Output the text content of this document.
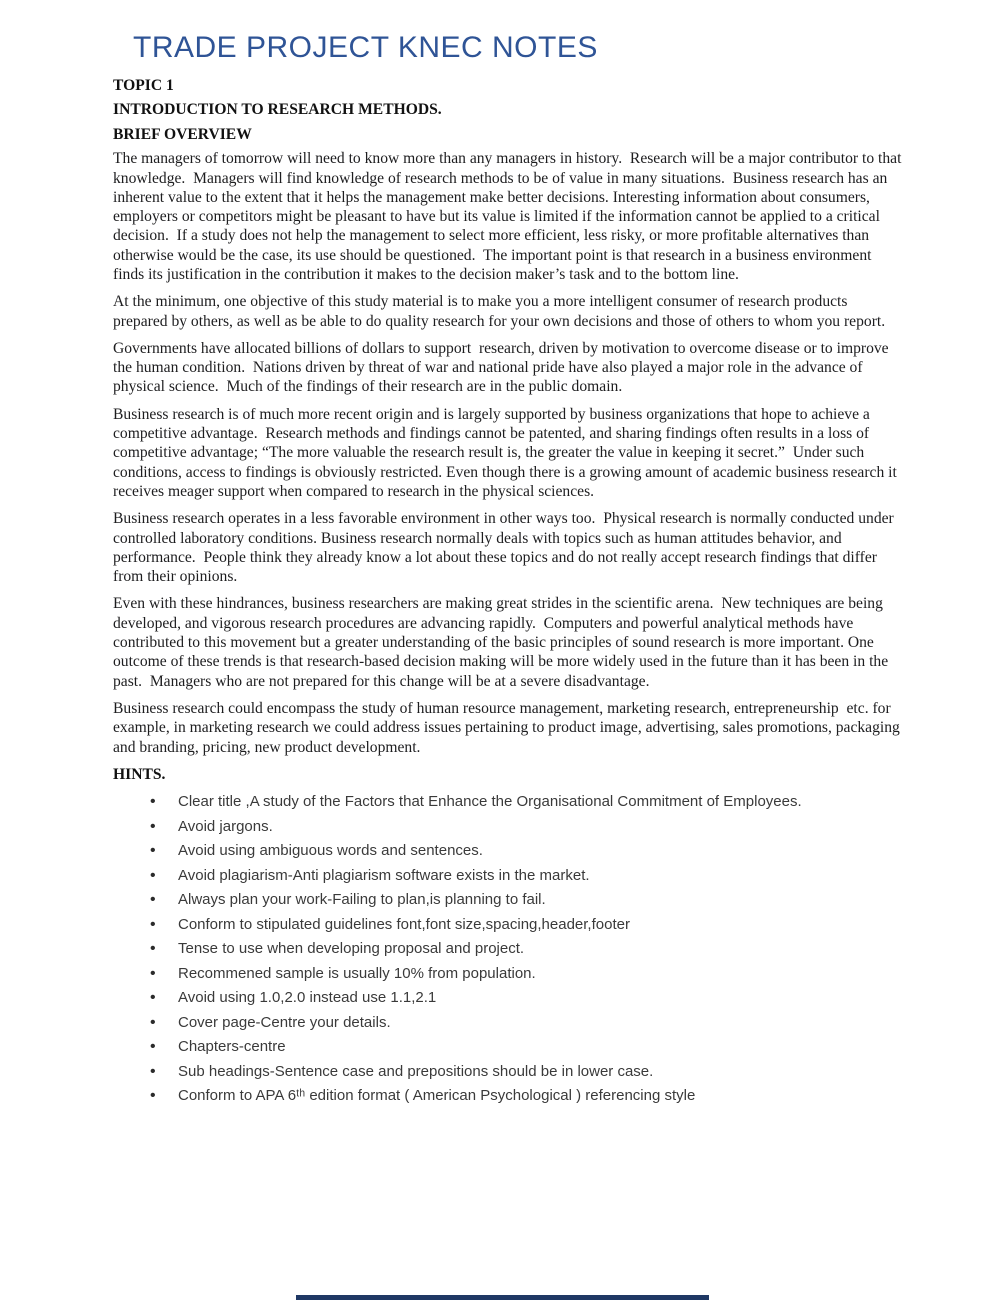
TRADE PROJECT KNEC NOTES
TOPIC 1
INTRODUCTION TO RESEARCH METHODS.
BRIEF OVERVIEW

The managers of tomorrow will need to know more than any managers in history.  Research will be a major contributor to that knowledge.  Managers will find knowledge of research methods to be of value in many situations.  Business research has an inherent value to the extent that it helps the management make better decisions. Interesting information about consumers, employers or competitors might be pleasant to have but its value is limited if the information cannot be applied to a critical decision.  If a study does not help the management to select more efficient, less risky, or more profitable alternatives than otherwise would be the case, its use should be questioned.  The important point is that research in a business environment finds its justification in the contribution it makes to the decision maker’s task and to the bottom line.

At the minimum, one objective of this study material is to make you a more intelligent consumer of research products prepared by others, as well as be able to do quality research for your own decisions and those of others to whom you report.

Governments have allocated billions of dollars to support  research, driven by motivation to overcome disease or to improve the human condition.  Nations driven by threat of war and national pride have also played a major role in the advance of physical science.  Much of the findings of their research are in the public domain.

Business research is of much more recent origin and is largely supported by business organizations that hope to achieve a competitive advantage.  Research methods and findings cannot be patented, and sharing findings often results in a loss of competitive advantage; “The more valuable the research result is, the greater the value in keeping it secret.”  Under such conditions, access to findings is obviously restricted. Even though there is a growing amount of academic business research it receives meager support when compared to research in the physical sciences.

Business research operates in a less favorable environment in other ways too.  Physical research is normally conducted under controlled laboratory conditions. Business research normally deals with topics such as human attitudes behavior, and performance.  People think they already know a lot about these topics and do not really accept research findings that differ from their opinions.

Even with these hindrances, business researchers are making great strides in the scientific arena.  New techniques are being developed, and vigorous research procedures are advancing rapidly.  Computers and powerful analytical methods have contributed to this movement but a greater understanding of the basic principles of sound research is more important. One outcome of these trends is that research-based decision making will be more widely used in the future than it has been in the past.  Managers who are not prepared for this change will be at a severe disadvantage.

Business research could encompass the study of human resource management, marketing research, entrepreneurship  etc. for example, in marketing research we could address issues pertaining to product image, advertising, sales promotions, packaging and branding, pricing, new product development.

HINTS.
•
Clear title ,A study of the Factors that Enhance the Organisational Commitment of Employees.
•
Avoid jargons.
•
Avoid using ambiguous words and sentences.
•
Avoid plagiarism-Anti plagiarism software exists in the market.
•
Always plan your work-Failing to plan,is planning to fail.
•
Conform to stipulated guidelines font,font size,spacing,header,footer
•
Tense to use when developing proposal and project.
•
Recommened sample is usually 10% from population.
•
Avoid using 1.0,2.0 instead use 1.1,2.1
•
Cover page-Centre your details.
•
Chapters-centre
•
Sub headings-Sentence case and prepositions should be in lower case.
•
Conform to APA 6ᵗʰ edition format ( American Psychological ) referencing style
